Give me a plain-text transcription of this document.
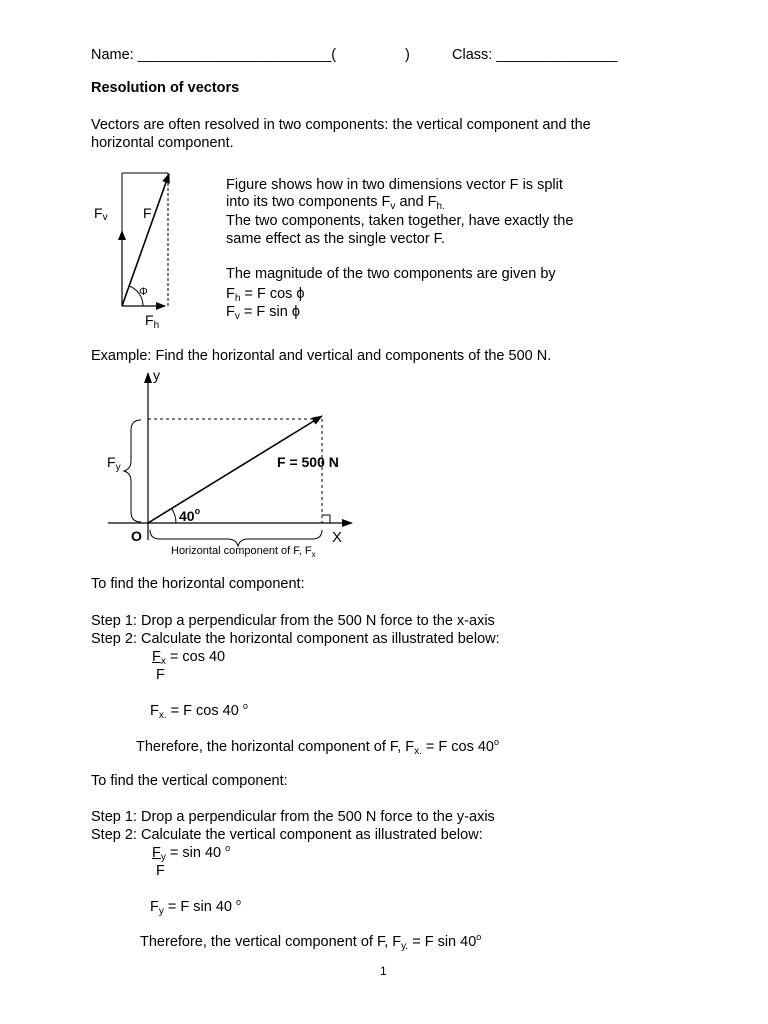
Name: ________________________(	)	Class: _______________
Resolution of vectors
Vectors are often resolved in two components: the vertical component and the
horizontal component.
Fv	F
Φ
$F_h$
Figure shows how in two dimensions vector F is split
into its two components $F_v$ and $F_{h.}$
The two components, taken together, have exactly the
same effect as the single vector F.
The magnitude of the two components are given by
$F_h = F$ cos ϕ
$F_v = F$ sin ϕ
Example: Find the horizontal and vertical and components of the 500 N.
y
$F_y$	F = 500 N
40$^o$
O	X
Horizontal component of F, $F_x$
To find the horizontal component:
Step 1: Drop a perpendicular from the 500 N force to the x-axis
Step 2: Calculate the horizontal component as illustrated below:
$F_x = \cos 40$
F
$F_{x.} = F$ cos 40 $^o$
Therefore, the horizontal component of F, $F_{x.} = F$ cos 40$^o$
To find the vertical component:
Step 1: Drop a perpendicular from the 500 N force to the y-axis
Step 2: Calculate the vertical component as illustrated below:
$F_y = \sin 40$ $^o$
F
$F_y = F$ sin 40 $^o$
Therefore, the vertical component of F, $F_{y.} = F$ sin 40$^o$
1
